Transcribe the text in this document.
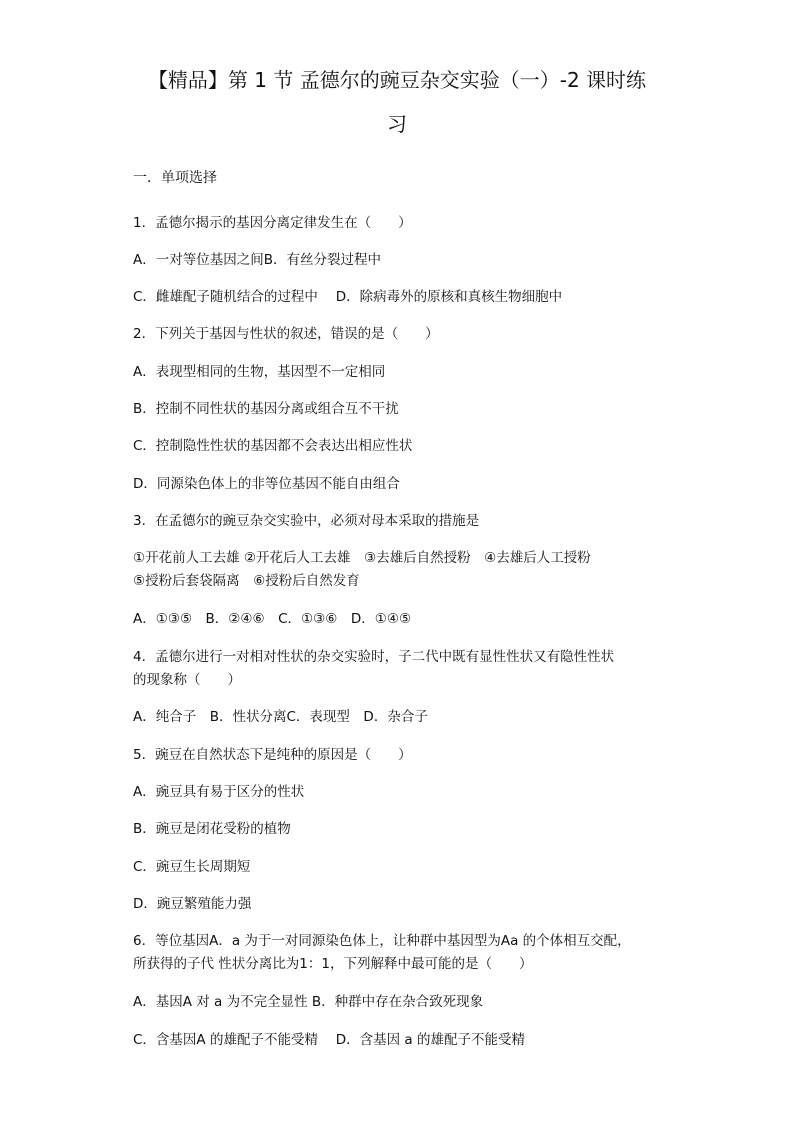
【精品】第 1 节 孟德尔的豌豆杂交实验（一）-2 课时练
习
一．单项选择
1．孟德尔揭示的基因分离定律发生在（　　）
A．一对等位基因之间B．有丝分裂过程中
C．雌雄配子随机结合的过程中　 D．除病毒外的原核和真核生物细胞中
2．下列关于基因与性状的叙述，错误的是（　　）
A．表现型相同的生物，基因型不一定相同
B．控制不同性状的基因分离或组合互不干扰
C．控制隐性性状的基因都不会表达出相应性状
D．同源染色体上的非等位基因不能自由组合
3．在孟德尔的豌豆杂交实验中，必须对母本采取的措施是
①开花前人工去雄 ②开花后人工去雄　③去雄后自然授粉　④去雄后人工授粉
⑤授粉后套袋隔离　⑥授粉后自然发育
A．①③⑤　B．②④⑥　C．①③⑥　D．①④⑤
4．孟德尔进行一对相对性状的杂交实验时，子二代中既有显性性状又有隐性性状
的现象称（　　）
A．纯合子　B．性状分离C．表现型　D．杂合子
5．豌豆在自然状态下是纯种的原因是（　　）
A．豌豆具有易于区分的性状
B．豌豆是闭花受粉的植物
C．豌豆生长周期短
D．豌豆繁殖能力强
6．等位基因A．a 为于一对同源染色体上，让种群中基因型为Aa 的个体相互交配，
所获得的子代 性状分离比为1：1，下列解释中最可能的是（　　）
A．基因A 对 a 为不完全显性 B．种群中存在杂合致死现象
C．含基因A 的雄配子不能受精　 D．含基因 a 的雄配子不能受精
